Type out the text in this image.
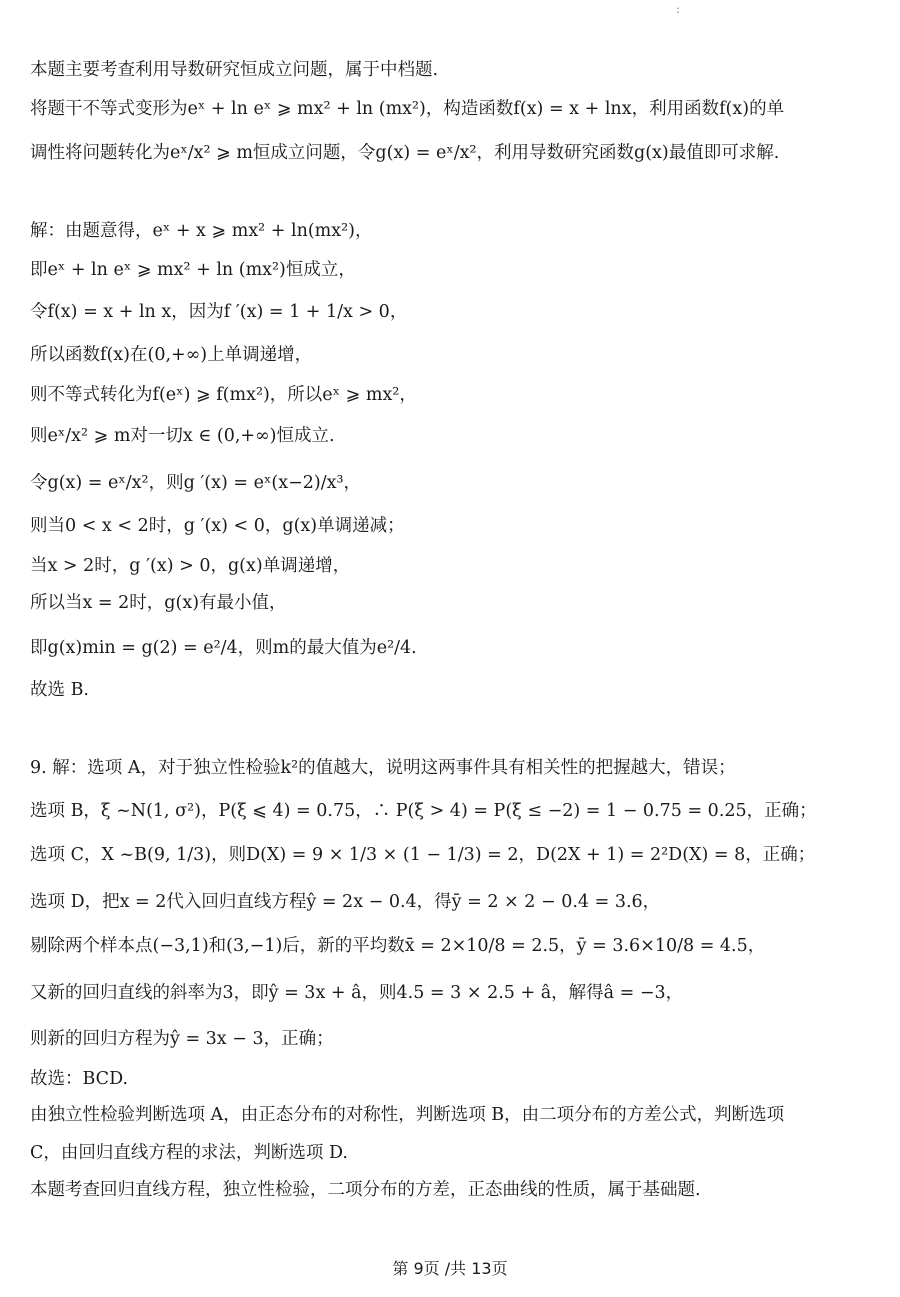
:
本题主要考查利用导数研究恒成立问题，属于中档题.
将题干不等式变形为eˣ + ln eˣ ⩾ mx² + ln (mx²)，构造函数f(x) = x + lnx，利用函数f(x)的单
调性将问题转化为eˣ/x² ⩾ m恒成立问题，令g(x) = eˣ/x²，利用导数研究函数g(x)最值即可求解.
解：由题意得，eˣ + x ⩾ mx² + ln(mx²)，
即eˣ + ln eˣ ⩾ mx² + ln (mx²)恒成立，
令f(x) = x + ln x，因为f ′(x) = 1 + 1/x > 0，
所以函数f(x)在(0,+∞)上单调递增，
则不等式转化为f(eˣ) ⩾ f(mx²)，所以eˣ ⩾ mx²，
则eˣ/x² ⩾ m对一切x ∈ (0,+∞)恒成立.
令g(x) = eˣ/x²，则g ′(x) = eˣ(x−2)/x³，
则当0 < x < 2时，g ′(x) < 0，g(x)单调递减；
当x > 2时，g ′(x) > 0，g(x)单调递增，
所以当x = 2时，g(x)有最小值，
即g(x)min = g(2) = e²/4，则m的最大值为e²/4.
故选 B.
9. 解：选项 A，对于独立性检验k²的值越大，说明这两事件具有相关性的把握越大，错误；
选项 B，ξ ~N(1, σ²)，P(ξ ⩽ 4) = 0.75，∴ P(ξ > 4) = P(ξ ≤ −2) = 1 − 0.75 = 0.25，正确；
选项 C，X ~B(9, 1/3)，则D(X) = 9 × 1/3 × (1 − 1/3) = 2，D(2X + 1) = 2²D(X) = 8，正确；
选项 D，把x = 2代入回归直线方程ŷ = 2x − 0.4，得ȳ = 2 × 2 − 0.4 = 3.6，
剔除两个样本点(−3,1)和(3,−1)后，新的平均数x̄ = 2×10/8 = 2.5，ȳ = 3.6×10/8 = 4.5，
又新的回归直线的斜率为3，即ŷ = 3x + â，则4.5 = 3 × 2.5 + â，解得â = −3，
则新的回归方程为ŷ = 3x − 3，正确；
故选：BCD.
由独立性检验判断选项 A，由正态分布的对称性，判断选项 B，由二项分布的方差公式，判断选项
C，由回归直线方程的求法，判断选项 D.
本题考查回归直线方程，独立性检验，二项分布的方差，正态曲线的性质，属于基础题.
第 9页 /共 13页
